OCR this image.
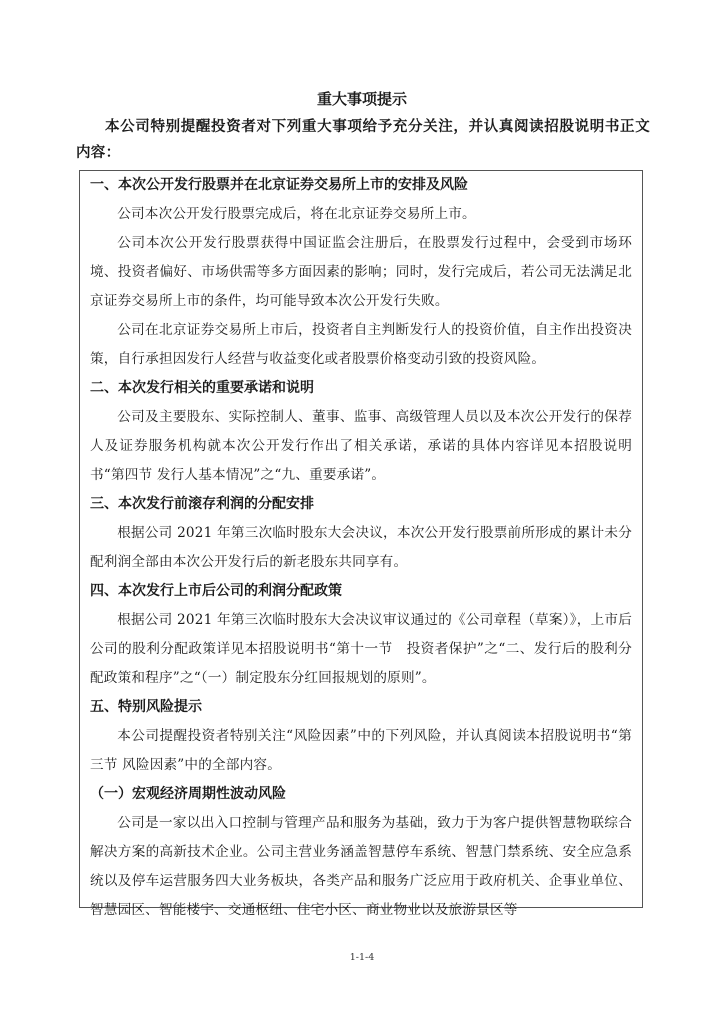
重大事项提示
本公司特别提醒投资者对下列重大事项给予充分关注，并认真阅读招股说明书正文内容：

一、本次公开发行股票并在北京证券交易所上市的安排及风险

公司本次公开发行股票完成后，将在北京证券交易所上市。

公司本次公开发行股票获得中国证监会注册后，在股票发行过程中，会受到市场环境、投资者偏好、市场供需等多方面因素的影响；同时，发行完成后，若公司无法满足北京证券交易所上市的条件，均可能导致本次公开发行失败。

公司在北京证券交易所上市后，投资者自主判断发行人的投资价值，自主作出投资决策，自行承担因发行人经营与收益变化或者股票价格变动引致的投资风险。

二、本次发行相关的重要承诺和说明

公司及主要股东、实际控制人、董事、监事、高级管理人员以及本次公开发行的保荐人及证券服务机构就本次公开发行作出了相关承诺，承诺的具体内容详见本招股说明书“第四节 发行人基本情况”之“九、重要承诺”。

三、本次发行前滚存利润的分配安排

根据公司 2021 年第三次临时股东大会决议，本次公开发行股票前所形成的累计未分配利润全部由本次公开发行后的新老股东共同享有。

四、本次发行上市后公司的利润分配政策

根据公司 2021 年第三次临时股东大会决议审议通过的《公司章程（草案）》，上市后公司的股利分配政策详见本招股说明书“第十一节　投资者保护”之“二、发行后的股利分配政策和程序”之“（一）制定股东分红回报规划的原则”。

五、特别风险提示

本公司提醒投资者特别关注“风险因素”中的下列风险，并认真阅读本招股说明书“第三节 风险因素”中的全部内容。

（一）宏观经济周期性波动风险

公司是一家以出入口控制与管理产品和服务为基础，致力于为客户提供智慧物联综合解决方案的高新技术企业。公司主营业务涵盖智慧停车系统、智慧门禁系统、安全应急系统以及停车运营服务四大业务板块，各类产品和服务广泛应用于政府机关、企事业单位、智慧园区、智能楼宇、交通枢纽、住宅小区、商业物业以及旅游景区等

1-1-4
